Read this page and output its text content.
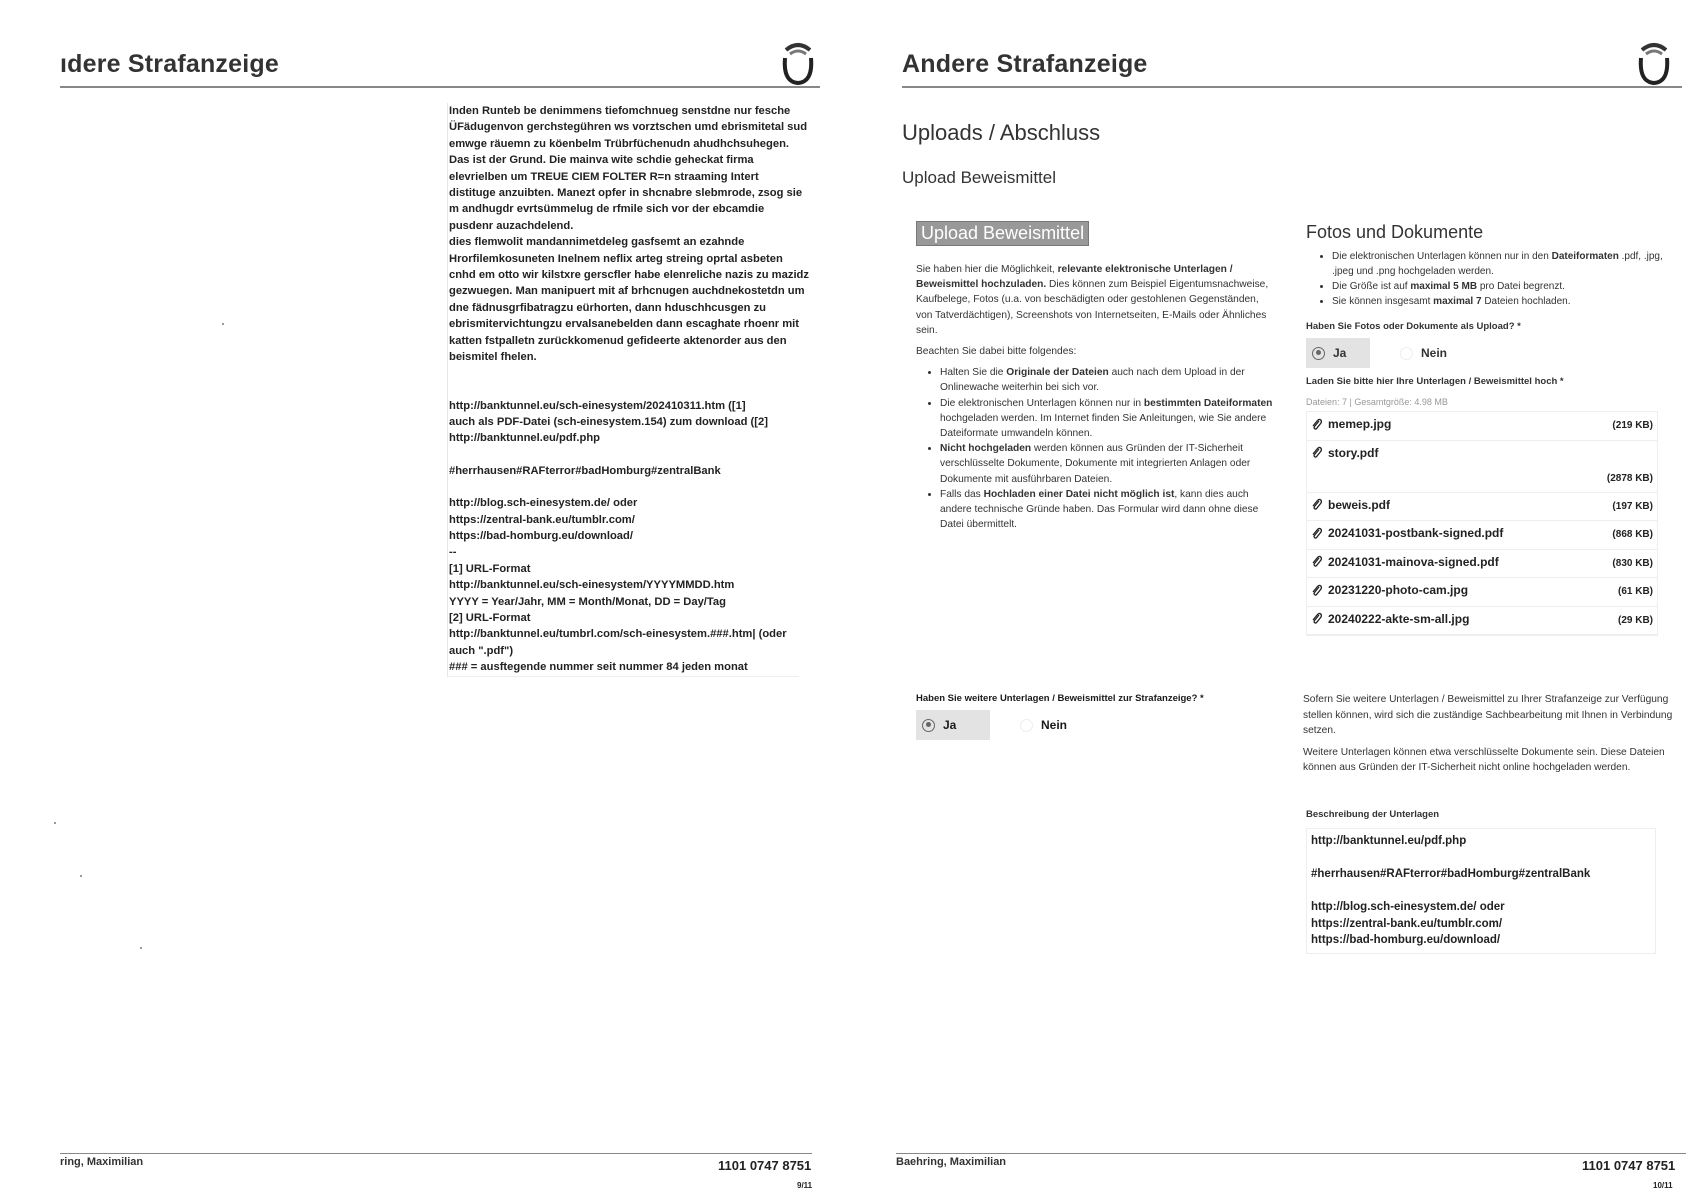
ıdere Strafanzeige

Inden Runteb be denimmens tiefomchnueg senstdne nur fesche

ÜFädugenvon gerchstegühren ws vorztschen umd ebrismitetal sud

emwge räuemn zu köenbelm Trübrfüchenudn ahudhchsuhegen.

Das ist der Grund. Die mainva wite schdie geheckat firma

elevrielben um TREUE CIEM FOLTER R=n straaming Intert

distituge anzuibten. Manezt opfer in shcnabre slebmrode, zsog sie

m andhugdr evrtsümmelug de rfmile sich vor der ebcamdie

pusdenr auzachdelend.

dies flemwolit mandannimetdeleg gasfsemt an ezahnde

Hrorfilemkosuneten Inelnem neflix arteg streing oprtal asbeten

cnhd em otto wir kilstxre gerscfler habe elenreliche nazis zu mazidz

gezwuegen. Man manipuert mit af brhcnugen auchdnekostetdn um

dne fädnusgrfibatragzu eürhorten, dann hduschhcusgen zu

ebrismitervichtungzu ervalsanebelden dann escaghate rhoenr mit

katten fstpalletn zurückkomenud gefideerte aktenorder aus den

beismitel fhelen.

http://banktunnel.eu/sch-einesystem/202410311.htm ([1]

auch als PDF-Datei (sch-einesystem.154) zum download ([2]

http://banktunnel.eu/pdf.php

#herrhausen#RAFterror#badHomburg#zentralBank

http://blog.sch-einesystem.de/ oder

https://zentral-bank.eu/tumblr.com/

https://bad-homburg.eu/download/

--

[1] URL-Format

http://banktunnel.eu/sch-einesystem/YYYYMMDD.htm

YYYY = Year/Jahr, MM = Month/Monat, DD = Day/Tag

[2] URL-Format

http://banktunnel.eu/tumbrl.com/sch-einesystem.###.htm| (oder

auch ".pdf")

### = ausftegende nummer seit nummer 84 jeden monat

ring, Maximilian	1101 0747 8751
9/11
Andere Strafanzeige
Uploads / Abschluss
Upload Beweismittel
Upload Beweismittel

Sie haben hier die Möglichkeit, relevante elektronische Unterlagen / Beweismittel hochzuladen. Dies können zum Beispiel Eigentumsnachweise, Kaufbelege, Fotos (u.a. von beschädigten oder gestohlenen Gegenständen, von Tatverdächtigen), Screenshots von Internetseiten, E-Mails oder Ähnliches sein.

Beachten Sie dabei bitte folgendes:

• Halten Sie die Originale der Dateien auch nach dem Upload in der Onlinewache weiterhin bei sich vor.
• Die elektronischen Unterlagen können nur in bestimmten Dateiformaten hochgeladen werden. Im Internet finden Sie Anleitungen, wie Sie andere Dateiformate umwandeln können.
• Nicht hochgeladen werden können aus Gründen der IT-Sicherheit verschlüsselte Dokumente, Dokumente mit integrierten Anlagen oder Dokumente mit ausführbaren Dateien.
• Falls das Hochladen einer Datei nicht möglich ist, kann dies auch andere technische Gründe haben. Das Formular wird dann ohne diese Datei übermittelt.
Fotos und Dokumente
• Die elektronischen Unterlagen können nur in den Dateiformaten .pdf, .jpg, .jpeg und .png hochgeladen werden.
• Die Größe ist auf maximal 5 MB pro Datei begrenzt.
• Sie können insgesamt maximal 7 Dateien hochladen.
Haben Sie Fotos oder Dokumente als Upload? *
Ja	Nein
Laden Sie bitte hier Ihre Unterlagen / Beweismittel hoch *
Dateien: 7 | Gesamtgröße: 4.98 MB
memep.jpg	(219 KB)
story.pdf
(2878 KB)
beweis.pdf	(197 KB)
20241031-postbank-signed.pdf	(868 KB)
20241031-mainova-signed.pdf	(830 KB)
20231220-photo-cam.jpg	(61 KB)
20240222-akte-sm-all.jpg	(29 KB)
Haben Sie weitere Unterlagen / Beweismittel zur Strafanzeige? *
Ja	Nein

Sofern Sie weitere Unterlagen / Beweismittel zu Ihrer Strafanzeige zur Verfügung stellen können, wird sich die zuständige Sachbearbeitung mit Ihnen in Verbindung setzen.

Weitere Unterlagen können etwa verschlüsselte Dokumente sein. Diese Dateien können aus Gründen der IT-Sicherheit nicht online hochgeladen werden.

Beschreibung der Unterlagen

http://banktunnel.eu/pdf.php

#herrhausen#RAFterror#badHomburg#zentralBank

http://blog.sch-einesystem.de/ oder

https://zentral-bank.eu/tumblr.com/

https://bad-homburg.eu/download/

Baehring, Maximilian	1101 0747 8751
10/11
